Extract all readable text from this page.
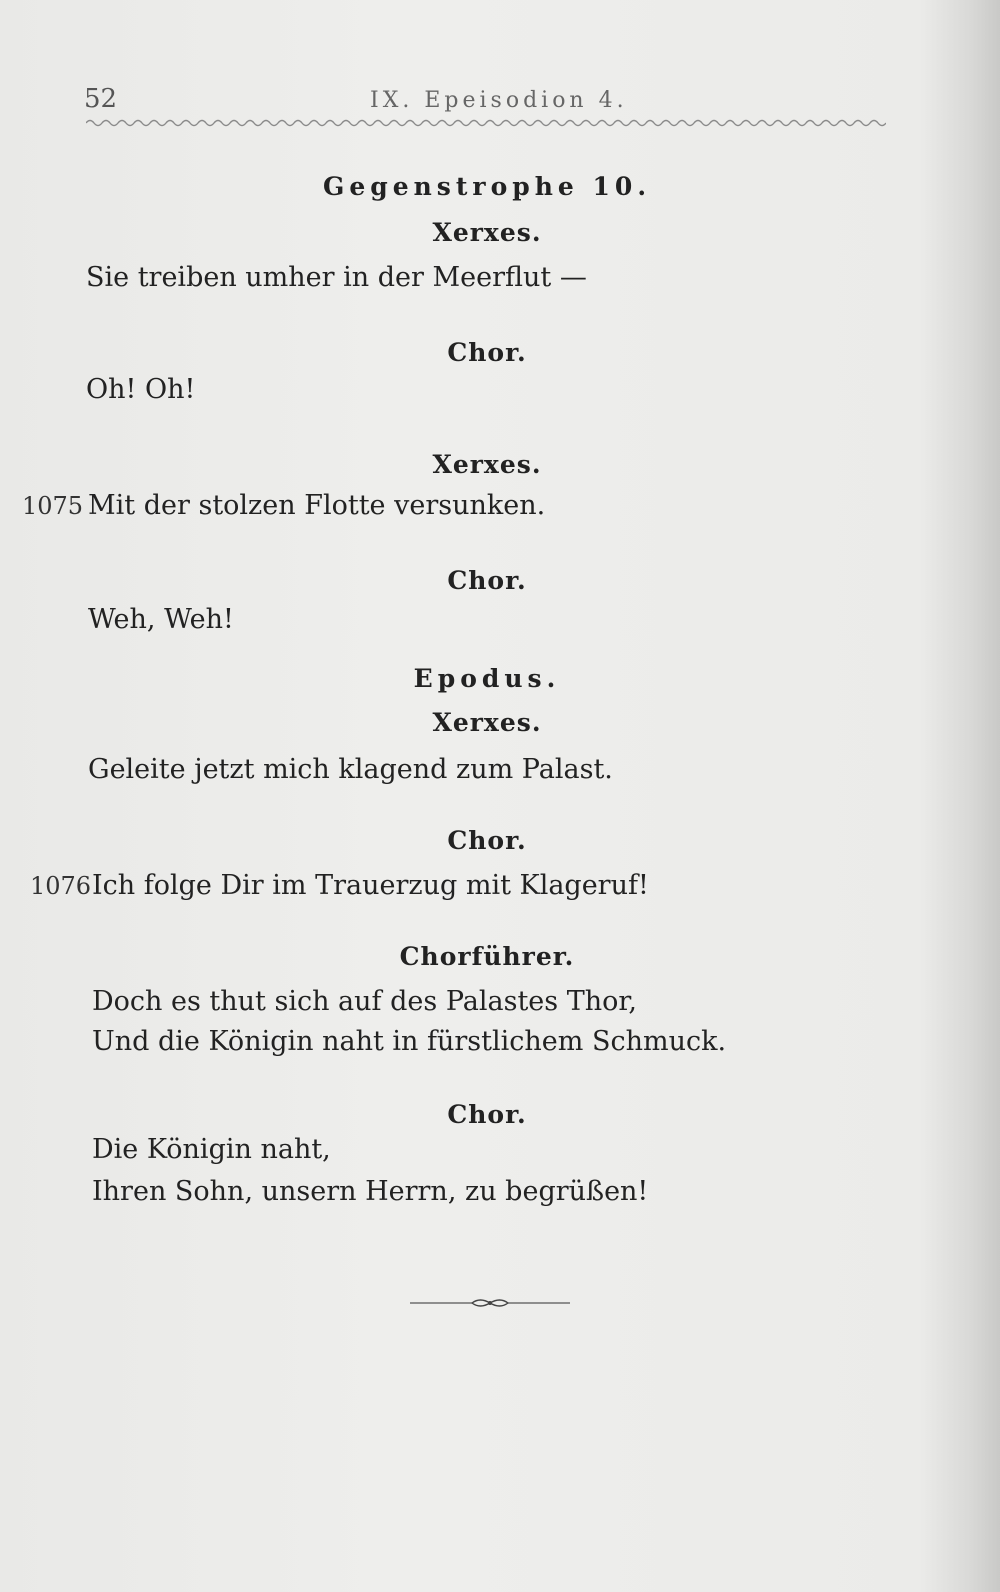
52	IX. Epeisodion 4.
Gegenstrophe 10.
Xerxes.
Sie treiben umher in der Meerflut —
Chor.
Oh! Oh!
Xerxes.
1075 Mit der stolzen Flotte versunken.
Chor.
Weh, Weh!
Epodus.
Xerxes.
Geleite jetzt mich klagend zum Palast.
Chor.
1076 Ich folge Dir im Trauerzug mit Klageruf!
Chorführer.
Doch es thut sich auf des Palastes Thor,
Und die Königin naht in fürstlichem Schmuck.
Chor.
Die Königin naht,
Ihren Sohn, unsern Herrn, zu begrüßen!
